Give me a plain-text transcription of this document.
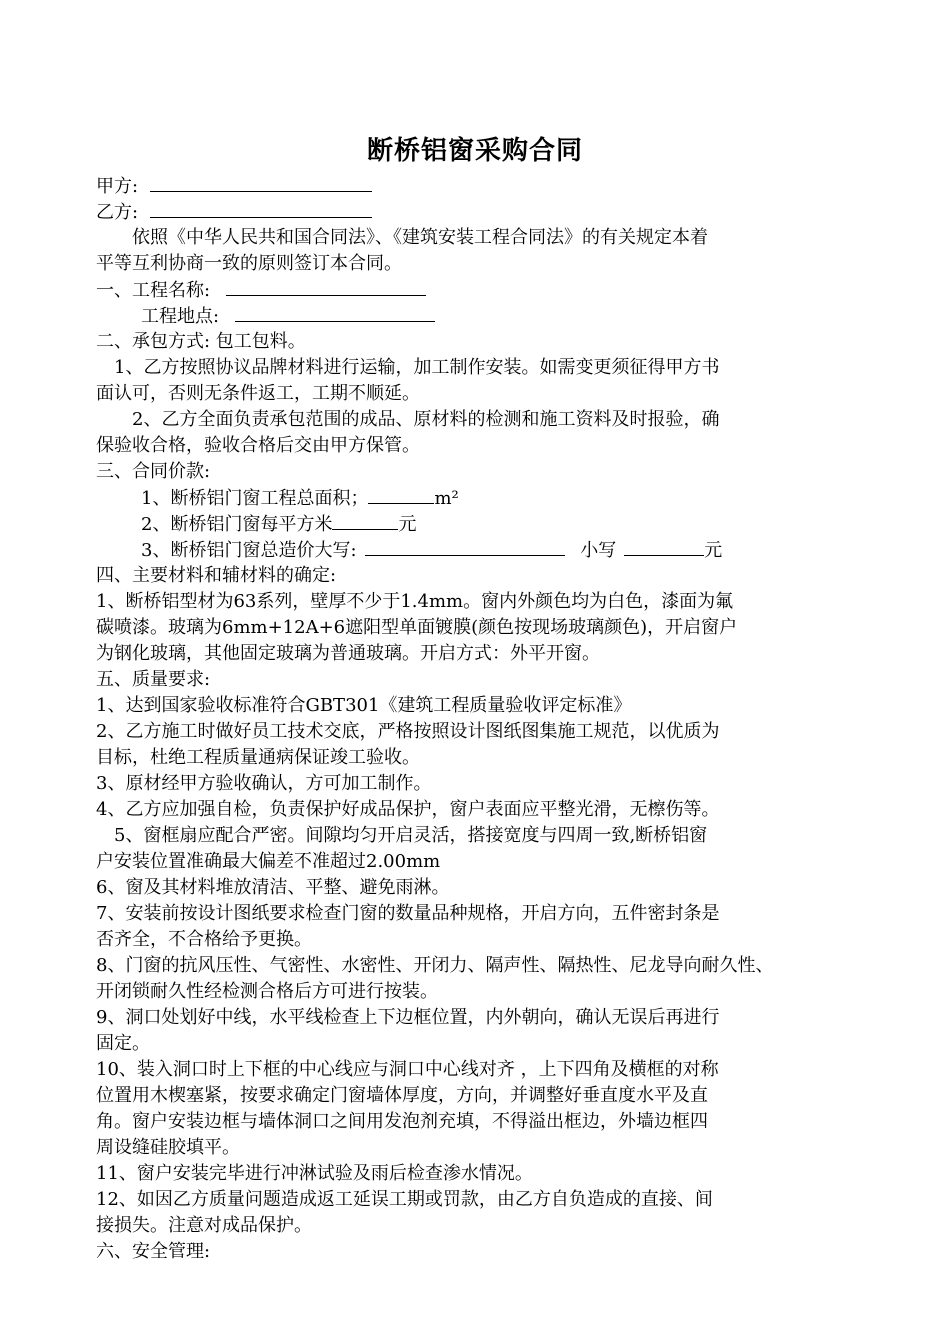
断桥铝窗采购合同
甲方:
乙方:
依照《中华人民共和国合同法》、《建筑安装工程合同法》的有关规定本着
平等互利协商一致的原则签订本合同。
一、工程名称:
工程地点:
二、承包方式: 包工包料。
1、乙方按照协议品牌材料进行运输，加工制作安装。如需变更须征得甲方书
面认可，否则无条件返工，工期不顺延。
2、乙方全面负责承包范围的成品、原材料的检测和施工资料及时报验，确
保验收合格，验收合格后交由甲方保管。
三、合同价款:
1、断桥铝门窗工程总面积；	m²
2、断桥铝门窗每平方米	元
3、断桥铝门窗总造价大写:	小写	元
四、主要材料和辅材料的确定:
1、断桥铝型材为63系列，壁厚不少于1.4mm。窗内外颜色均为白色，漆面为氟
碳喷漆。玻璃为6mm+12A+6遮阳型单面镀膜(颜色按现场玻璃颜色)，开启窗户
为钢化玻璃，其他固定玻璃为普通玻璃。开启方式：外平开窗。
五、质量要求:
1、达到国家验收标准符合GBT301《建筑工程质量验收评定标准》
2、乙方施工时做好员工技术交底，严格按照设计图纸图集施工规范，以优质为
目标，杜绝工程质量通病保证竣工验收。
3、原材经甲方验收确认，方可加工制作。
4、乙方应加强自检，负责保护好成品保护，窗户表面应平整光滑，无檫伤等。
5、窗框扇应配合严密。间隙均匀开启灵活，搭接宽度与四周一致,断桥铝窗
户安装位置准确最大偏差不准超过2.00mm
6、窗及其材料堆放清洁、平整、避免雨淋。
7、安装前按设计图纸要求检查门窗的数量品种规格，开启方向，五件密封条是
否齐全，不合格给予更换。
8、门窗的抗风压性、气密性、水密性、开闭力、隔声性、隔热性、尼龙导向耐久性、
开闭锁耐久性经检测合格后方可进行按装。
9、洞口处划好中线，水平线检查上下边框位置，内外朝向，确认无误后再进行
固定。
10、装入洞口时上下框的中心线应与洞口中心线对齐 ，上下四角及横框的对称
位置用木楔塞紧，按要求确定门窗墙体厚度，方向，并调整好垂直度水平及直
角。窗户安装边框与墙体洞口之间用发泡剂充填，不得溢出框边，外墙边框四
周设缝硅胶填平。
11、窗户安装完毕进行冲淋试验及雨后检查渗水情况。
12、如因乙方质量问题造成返工延误工期或罚款，由乙方自负造成的直接、间
接损失。注意对成品保护。
六、安全管理:
